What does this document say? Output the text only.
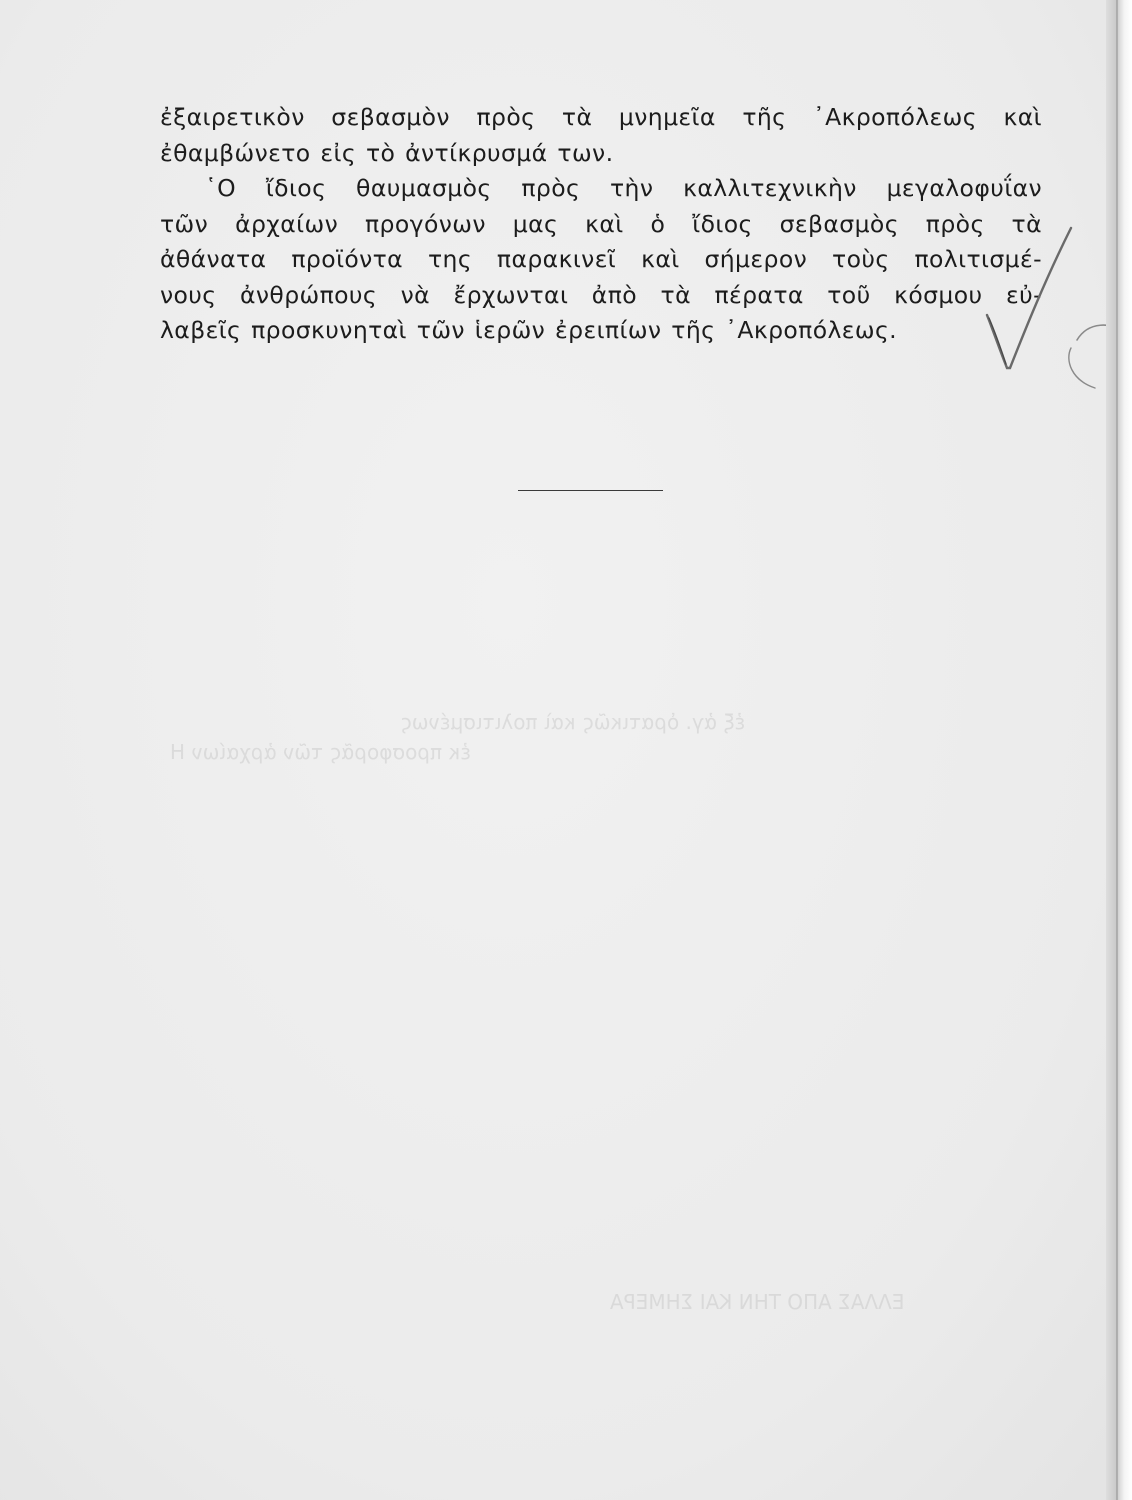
ἐξ ἀγ. ὁρατικῶς καὶ πολιτισμένως
ἐκ προσφορᾶς τῶν ἀρχαίων Η
ΕΛΛΑΣ ΑΠΟ ΤΗΝ ΚΑΙ ΣΗΜΕΡΑ
ἐξαιρετικὸν σεβασμὸν πρὸς τὰ μνημεῖα τῆς ᾿Ακροπόλεως καὶ
ἐθαμβώνετο εἰς τὸ ἀντίκρυσμά των.
῾Ο ἴδιος θαυμασμὸς πρὸς τὴν καλλιτεχνικὴν μεγαλοφυΐαν
τῶν ἀρχαίων προγόνων μας καὶ ὁ ἴδιος σεβασμὸς πρὸς τὰ
ἀθάνατα προϊόντα της παρακινεῖ καὶ σήμερον τοὺς πολιτισμέ-
νους ἀνθρώπους νὰ ἔρχωνται ἀπὸ τὰ πέρατα τοῦ κόσμου εὐ-
λαβεῖς προσκυνηταὶ τῶν ἱερῶν ἐρειπίων τῆς ᾿Ακροπόλεως.
